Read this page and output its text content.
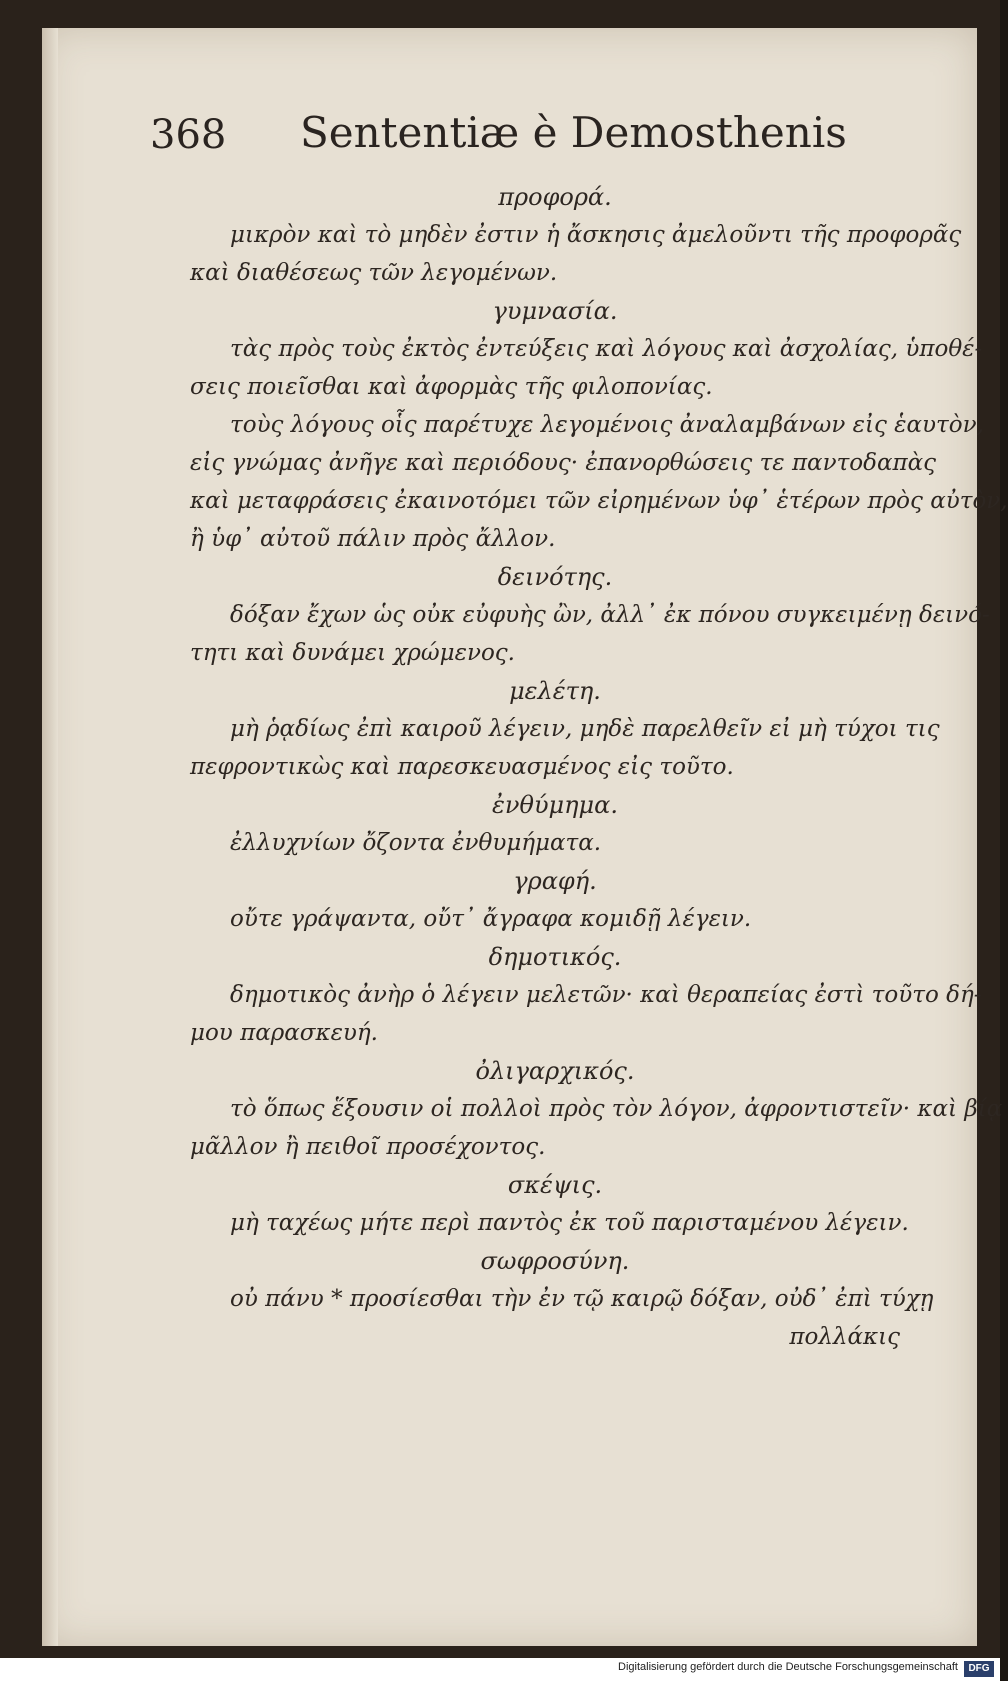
368 Sententiæ è Demosthenis
προφορά.
μικρὸν καὶ τὸ μηδὲν ἐστιν ἡ ἄσκησις ἀμελοῦντι τῆς προφορᾶς
καὶ διαθέσεως τῶν λεγομένων.
γυμνασία.
τὰς πρὸς τοὺς ἐκτὸς ἐντεύξεις καὶ λόγους καὶ ἀσχολίας, ὑποθέ-
σεις ποιεῖσθαι καὶ ἀφορμὰς τῆς φιλοπονίας.
τοὺς λόγους οἷς παρέτυχε λεγομένοις ἀναλαμβάνων εἰς ἑαυτὸν,
εἰς γνώμας ἀνῆγε καὶ περιόδους· ἐπανορθώσεις τε παντοδαπὰς
καὶ μεταφράσεις ἐκαινοτόμει τῶν εἰρημένων ὑφ᾽ ἑτέρων πρὸς αὐτὸν,
ἢ ὑφ᾽ αὐτοῦ πάλιν πρὸς ἄλλον.
δεινότης.
δόξαν ἔχων ὡς οὐκ εὐφυὴς ὢν, ἀλλ᾽ ἐκ πόνου συγκειμένῃ δεινό-
τητι καὶ δυνάμει χρώμενος.
μελέτη.
μὴ ῥᾳδίως ἐπὶ καιροῦ λέγειν, μηδὲ παρελθεῖν εἰ μὴ τύχοι τις
πεφροντικὼς καὶ παρεσκευασμένος εἰς τοῦτο.
ἐνθύμημα.
ἐλλυχνίων ὄζοντα ἐνθυμήματα.
γραφή.
οὔτε γράψαντα, οὔτ᾽ ἄγραφα κομιδῇ λέγειν.
δημοτικός.
δημοτικὸς ἀνὴρ ὁ λέγειν μελετῶν· καὶ θεραπείας ἐστὶ τοῦτο δή-
μου παρασκευή.
ὀλιγαρχικός.
τὸ ὅπως ἕξουσιν οἱ πολλοὶ πρὸς τὸν λόγον, ἀφροντιστεῖν· καὶ βίᾳ
μᾶλλον ἢ πειθοῖ προσέχοντος.
σκέψις.
μὴ ταχέως μήτε περὶ παντὸς ἐκ τοῦ παρισταμένου λέγειν.
σωφροσύνη.
οὐ πάνυ * προσίεσθαι τὴν ἐν τῷ καιρῷ δόξαν, οὐδ᾽ ἐπὶ τύχῃ
πολλάκις
Digitalisierung gefördert durch die Deutsche Forschungsgemeinschaft	DFG
